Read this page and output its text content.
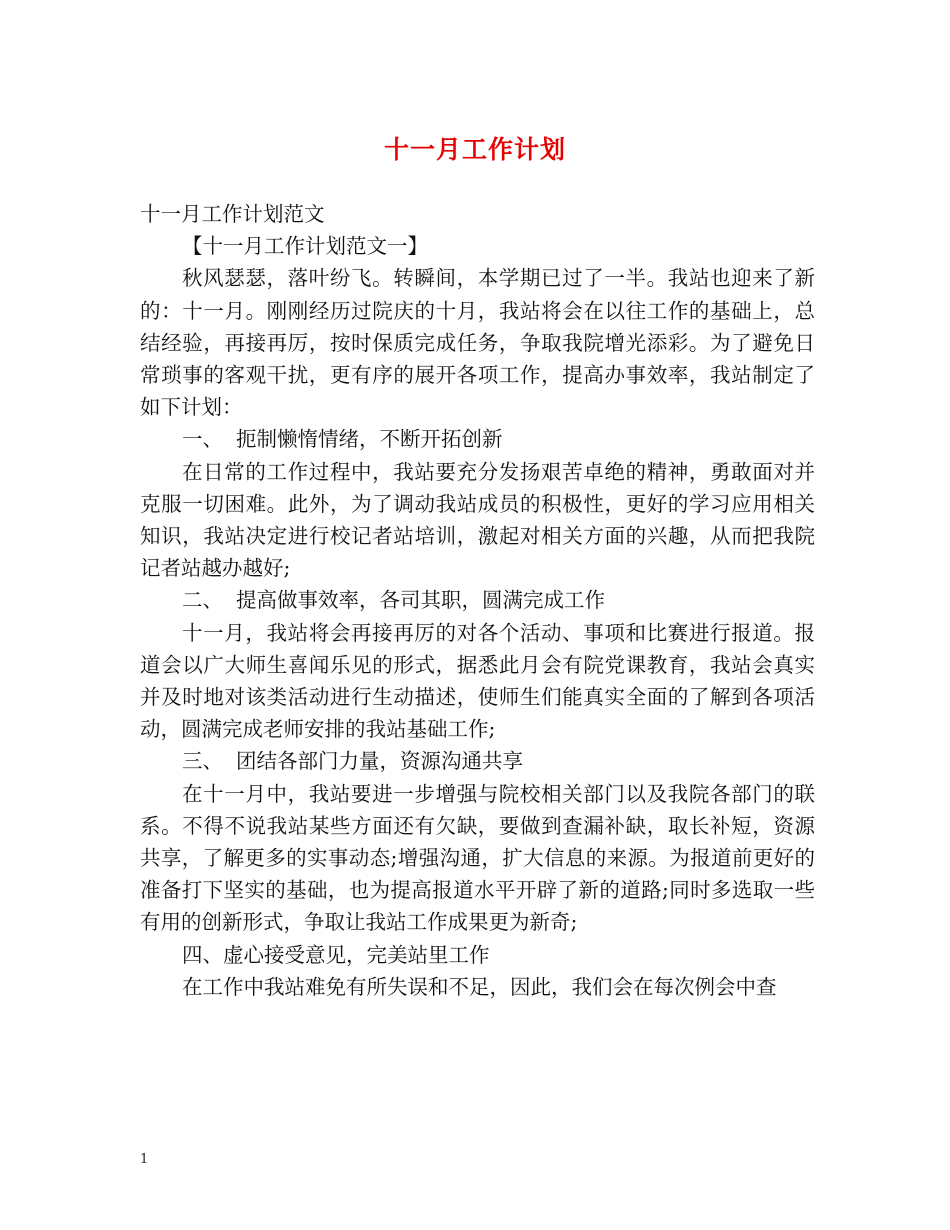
十一月工作计划

十一月工作计划范文

【十一月工作计划范文一】

秋风瑟瑟，落叶纷飞。转瞬间，本学期已过了一半。我站也迎来了新的：十一月。刚刚经历过院庆的十月，我站将会在以往工作的基础上，总结经验，再接再厉，按时保质完成任务，争取我院增光添彩。为了避免日常琐事的客观干扰，更有序的展开各项工作，提高办事效率，我站制定了如下计划：

一、  扼制懒惰情绪，不断开拓创新

在日常的工作过程中，我站要充分发扬艰苦卓绝的精神，勇敢面对并克服一切困难。此外，为了调动我站成员的积极性，更好的学习应用相关知识，我站决定进行校记者站培训，激起对相关方面的兴趣，从而把我院记者站越办越好;

二、  提高做事效率，各司其职，圆满完成工作

十一月，我站将会再接再厉的对各个活动、事项和比赛进行报道。报道会以广大师生喜闻乐见的形式，据悉此月会有院党课教育，我站会真实并及时地对该类活动进行生动描述，使师生们能真实全面的了解到各项活动，圆满完成老师安排的我站基础工作;

三、  团结各部门力量，资源沟通共享

在十一月中，我站要进一步增强与院校相关部门以及我院各部门的联系。不得不说我站某些方面还有欠缺，要做到查漏补缺，取长补短，资源共享，了解更多的实事动态;增强沟通，扩大信息的来源。为报道前更好的准备打下坚实的基础，也为提高报道水平开辟了新的道路;同时多选取一些有用的创新形式，争取让我站工作成果更为新奇;

四、虚心接受意见，完美站里工作

在工作中我站难免有所失误和不足，因此，我们会在每次例会中查

1
